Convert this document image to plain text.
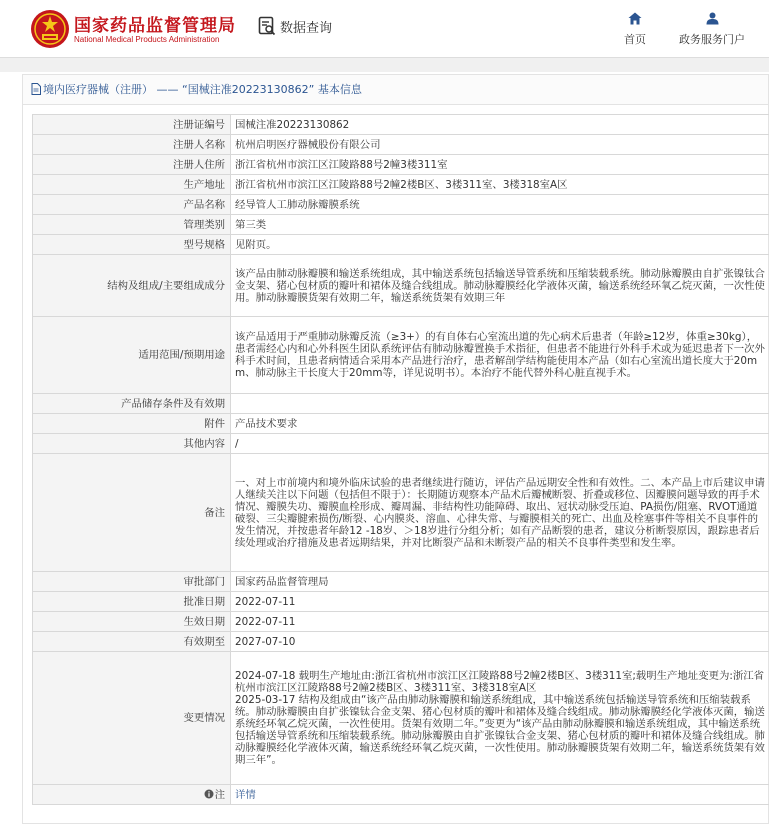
国家药品监督管理局
National Medical Products Administration
数据查询
首页	政务服务门户
境内医疗器械（注册） —— “国械注准20223130862” 基本信息
注册证编号	国械注准20223130862
注册人名称	杭州启明医疗器械股份有限公司
注册人住所	浙江省杭州市滨江区江陵路88号2幢3楼311室
生产地址	浙江省杭州市滨江区江陵路88号2幢2楼B区、3楼311室、3楼318室A区
产品名称	经导管人工肺动脉瓣膜系统
管理类别	第三类
型号规格	见附页。
结构及组成/主要组成成分	该产品由肺动脉瓣膜和输送系统组成，其中输送系统包括输送导管系统和压缩装载系统。肺动脉瓣膜由自扩张镍钛合金支架、猪心包材质的瓣叶和裙体及缝合线组成。肺动脉瓣膜经化学液体灭菌，输送系统经环氧乙烷灭菌，一次性使用。肺动脉瓣膜货架有效期二年，输送系统货架有效期三年
适用范围/预期用途	该产品适用于严重肺动脉瓣反流（≥3+）的有自体右心室流出道的先心病术后患者（年龄≥12岁，体重≥30kg），患者需经心内和心外科医生团队系统评估有肺动脉瓣置换手术指征，但患者不能进行外科手术或为延迟患者下一次外科手术时间，且患者病情适合采用本产品进行治疗，患者解剖学结构能使用本产品（如右心室流出道长度大于20mm、肺动脉主干长度大于20mm等，详见说明书）。本治疗不能代替外科心脏直视手术。
产品储存条件及有效期	
附件	产品技术要求
其他内容	/
备注	一、对上市前境内和境外临床试验的患者继续进行随访，评估产品远期安全性和有效性。二、本产品上市后建议申请人继续关注以下问题（包括但不限于）：长期随访观察本产品术后瓣械断裂、折叠或移位、因瓣膜问题导致的再手术情况、瓣膜失功、瓣膜血栓形成、瓣周漏、非结构性功能障碍、取出、冠状动脉受压迫、PA损伤/阻塞、RVOT通道破裂、三尖瓣腱索损伤/断裂、心内膜炎、溶血、心律失常、与瓣膜相关的死亡、出血及栓塞事件等相关不良事件的发生情况，并按患者年龄12 -18岁、＞18岁进行分组分析；如有产品断裂的患者，建议分析断裂原因，跟踪患者后续处理或治疗措施及患者远期结果，并对比断裂产品和未断裂产品的相关不良事件类型和发生率。
审批部门	国家药品监督管理局
批准日期	2022-07-11
生效日期	2022-07-11
有效期至	2027-07-10
变更情况	2024-07-18 载明生产地址由:浙江省杭州市滨江区江陵路88号2幢2楼B区、3楼311室;载明生产地址变更为:浙江省杭州市滨江区江陵路88号2幢2楼B区、3楼311室、3楼318室A区
2025-03-17 结构及组成由“该产品由肺动脉瓣膜和输送系统组成，其中输送系统包括输送导管系统和压缩装载系统。肺动脉瓣膜由自扩张镍钛合金支架、猪心包材质的瓣叶和裙体及缝合线组成。肺动脉瓣膜经化学液体灭菌，输送系统经环氧乙烷灭菌，一次性使用。货架有效期二年。”变更为“该产品由肺动脉瓣膜和输送系统组成，其中输送系统包括输送导管系统和压缩装载系统。肺动脉瓣膜由自扩张镍钛合金支架、猪心包材质的瓣叶和裙体及缝合线组成。肺动脉瓣膜经化学液体灭菌，输送系统经环氧乙烷灭菌，一次性使用。肺动脉瓣膜货架有效期二年，输送系统货架有效期三年”。
注	详情
